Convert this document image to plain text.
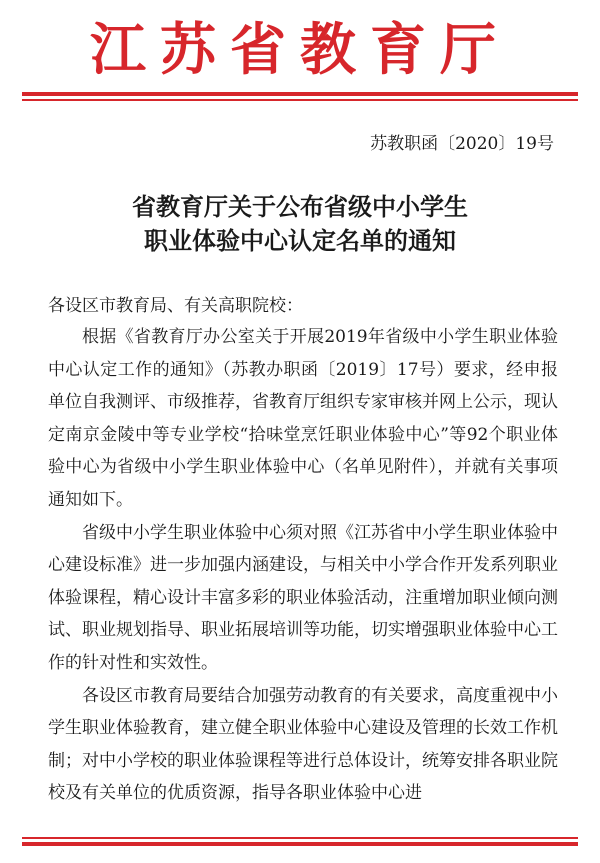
江苏省教育厅
苏教职函〔2020〕19号
省教育厅关于公布省级中小学生
职业体验中心认定名单的通知
各设区市教育局、有关高职院校：

根据《省教育厅办公室关于开展2019年省级中小学生职业体验中心认定工作的通知》（苏教办职函〔2019〕17号）要求，经申报单位自我测评、市级推荐，省教育厅组织专家审核并网上公示，现认定南京金陵中等专业学校“拾味堂烹饪职业体验中心”等92个职业体验中心为省级中小学生职业体验中心（名单见附件），并就有关事项通知如下。

省级中小学生职业体验中心须对照《江苏省中小学生职业体验中心建设标准》进一步加强内涵建设，与相关中小学合作开发系列职业体验课程，精心设计丰富多彩的职业体验活动，注重增加职业倾向测试、职业规划指导、职业拓展培训等功能，切实增强职业体验中心工作的针对性和实效性。

各设区市教育局要结合加强劳动教育的有关要求，高度重视中小学生职业体验教育，建立健全职业体验中心建设及管理的长效工作机制；对中小学校的职业体验课程等进行总体设计，统筹安排各职业院校及有关单位的优质资源，指导各职业体验中心进
